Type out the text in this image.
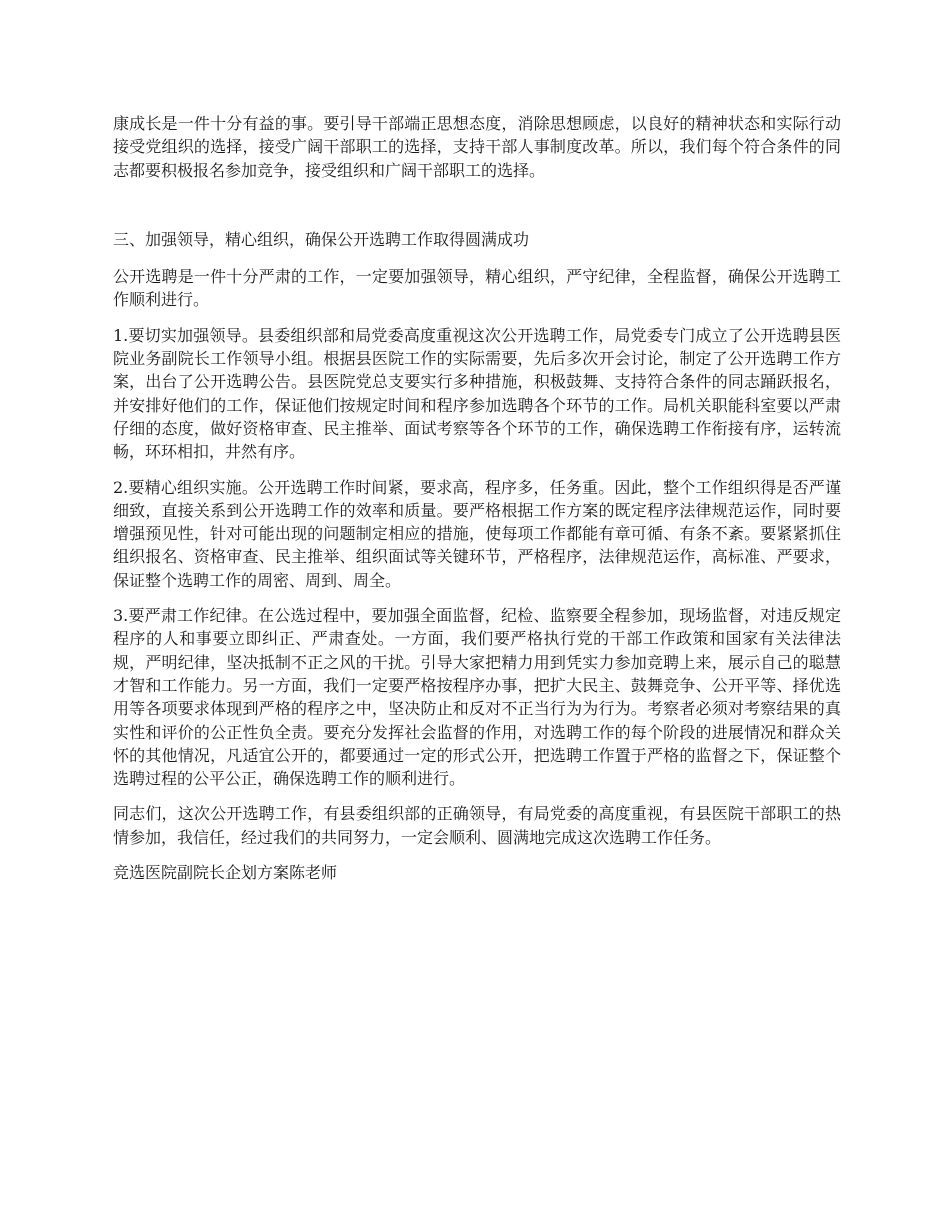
康成长是一件十分有益的事。要引导干部端正思想态度，消除思想顾虑，以良好的精神状态和实际行动接受党组织的选择，接受广阔干部职工的选择，支持干部人事制度改革。所以，我们每个符合条件的同志都要积极报名参加竞争，接受组织和广阔干部职工的选择。

三、加强领导，精心组织，确保公开选聘工作取得圆满成功

公开选聘是一件十分严肃的工作，一定要加强领导，精心组织，严守纪律，全程监督，确保公开选聘工作顺利进行。

1.要切实加强领导。县委组织部和局党委高度重视这次公开选聘工作，局党委专门成立了公开选聘县医院业务副院长工作领导小组。根据县医院工作的实际需要，先后多次开会讨论，制定了公开选聘工作方案，出台了公开选聘公告。县医院党总支要实行多种措施，积极鼓舞、支持符合条件的同志踊跃报名，并安排好他们的工作，保证他们按规定时间和程序参加选聘各个环节的工作。局机关职能科室要以严肃仔细的态度，做好资格审查、民主推举、面试考察等各个环节的工作，确保选聘工作衔接有序，运转流畅，环环相扣，井然有序。

2.要精心组织实施。公开选聘工作时间紧，要求高，程序多，任务重。因此，整个工作组织得是否严谨细致，直接关系到公开选聘工作的效率和质量。要严格根据工作方案的既定程序法律规范运作，同时要增强预见性，针对可能出现的问题制定相应的措施，使每项工作都能有章可循、有条不紊。要紧紧抓住组织报名、资格审查、民主推举、组织面试等关键环节，严格程序，法律规范运作，高标准、严要求，保证整个选聘工作的周密、周到、周全。

3.要严肃工作纪律。在公选过程中，要加强全面监督，纪检、监察要全程参加，现场监督，对违反规定程序的人和事要立即纠正、严肃查处。一方面，我们要严格执行党的干部工作政策和国家有关法律法规，严明纪律，坚决抵制不正之风的干扰。引导大家把精力用到凭实力参加竞聘上来，展示自己的聪慧才智和工作能力。另一方面，我们一定要严格按程序办事，把扩大民主、鼓舞竞争、公开平等、择优选用等各项要求体现到严格的程序之中，坚决防止和反对不正当行为为行为。考察者必须对考察结果的真实性和评价的公正性负全责。要充分发挥社会监督的作用，对选聘工作的每个阶段的进展情况和群众关怀的其他情况，凡适宜公开的，都要通过一定的形式公开，把选聘工作置于严格的监督之下，保证整个选聘过程的公平公正，确保选聘工作的顺利进行。

同志们，这次公开选聘工作，有县委组织部的正确领导，有局党委的高度重视，有县医院干部职工的热情参加，我信任，经过我们的共同努力，一定会顺利、圆满地完成这次选聘工作任务。

竞选医院副院长企划方案陈老师
